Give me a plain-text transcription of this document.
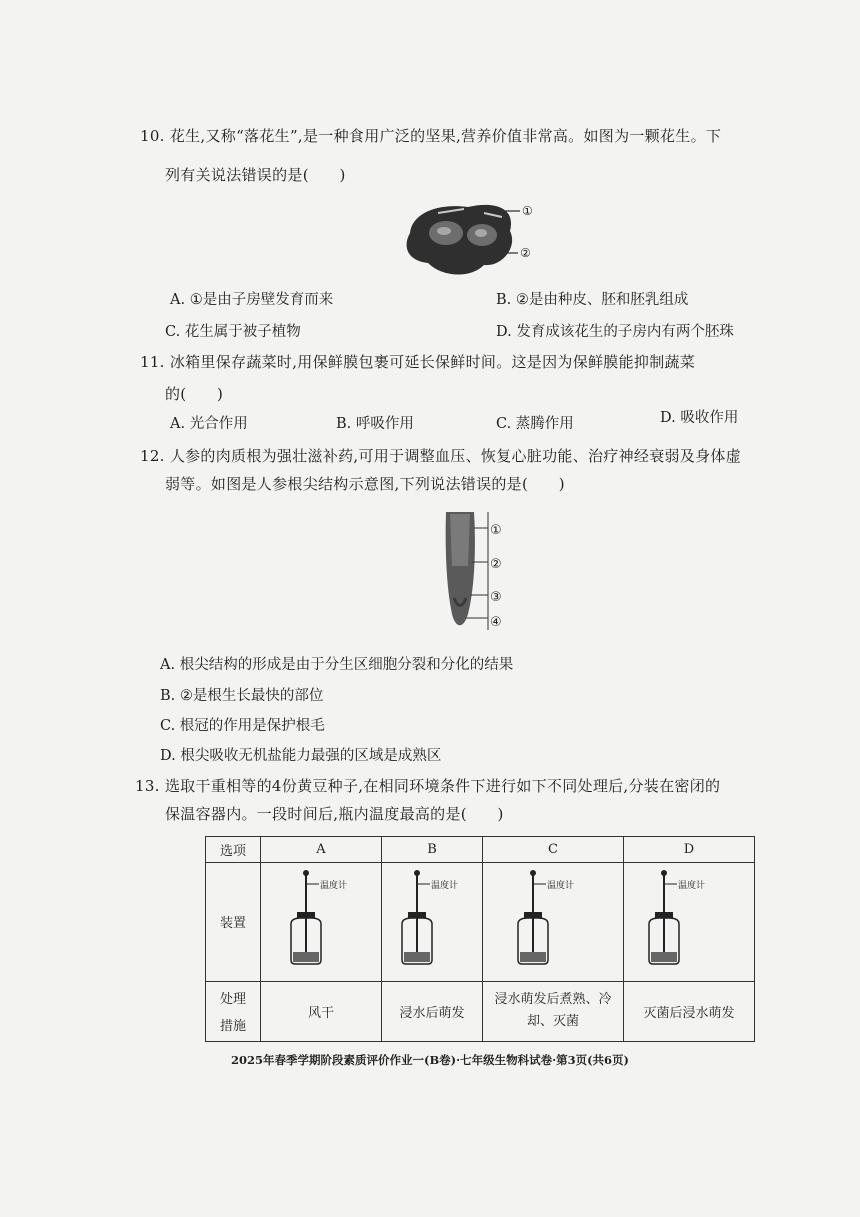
10. 花生,又称“落花生”,是一种食用广泛的坚果,营养价值非常高。如图为一颗花生。下
列有关说法错误的是(　　)
①
②
A. ①是由子房壁发育而来	B. ②是由种皮、胚和胚乳组成
C. 花生属于被子植物	D. 发育成该花生的子房内有两个胚珠
11. 冰箱里保存蔬菜时,用保鲜膜包裹可延长保鲜时间。这是因为保鲜膜能抑制蔬菜
的(　　)
A. 光合作用	B. 呼吸作用	C. 蒸腾作用	D. 吸收作用
12. 人参的肉质根为强壮滋补药,可用于调整血压、恢复心脏功能、治疗神经衰弱及身体虚
弱等。如图是人参根尖结构示意图,下列说法错误的是(　　)
①
②
③
④
A. 根尖结构的形成是由于分生区细胞分裂和分化的结果
B. ②是根生长最快的部位
C. 根冠的作用是保护根毛
D. 根尖吸收无机盐能力最强的区域是成熟区
13. 选取干重相等的4份黄豆种子,在相同环境条件下进行如下不同处理后,分装在密闭的
保温容器内。一段时间后,瓶内温度最高的是(　　)
选项	A	B	C	D
装置	温度计	温度计	温度计	温度计

处理
措施	风干	浸水后萌发	浸水萌发后煮熟、冷却、灭菌	灭菌后浸水萌发
2025年春季学期阶段素质评价作业一(B卷)·七年级生物科试卷·第3页(共6页)
